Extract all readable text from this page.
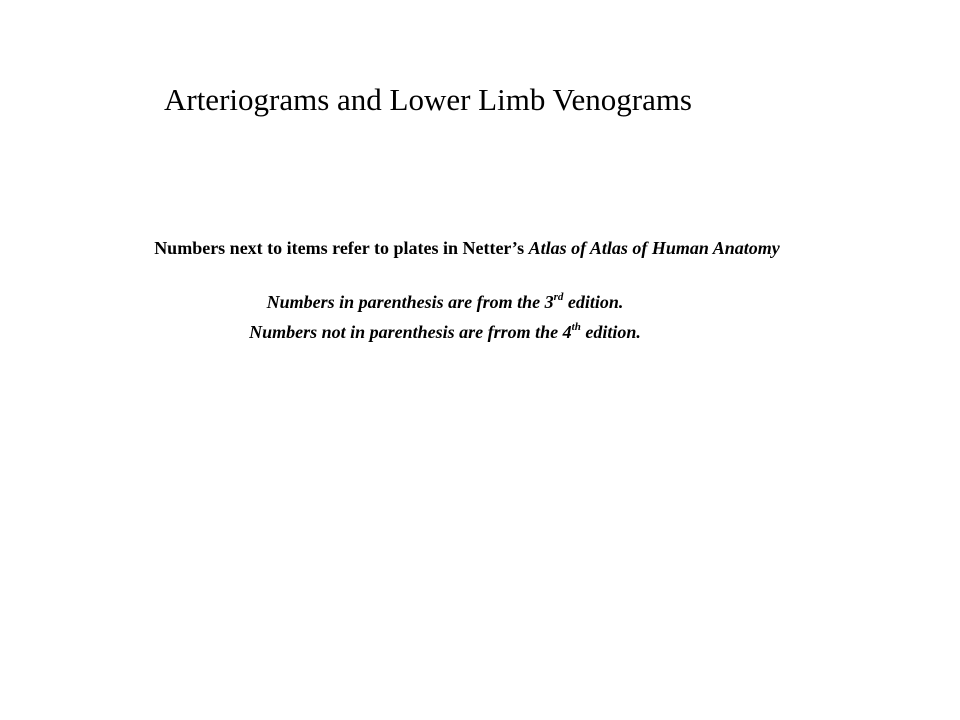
Arteriograms and Lower Limb Venograms
Numbers next to items refer to plates in Netter’s Atlas of Atlas of Human Anatomy
Numbers in parenthesis are from the 3rd edition.
Numbers not in parenthesis are frrom the 4th edition.
